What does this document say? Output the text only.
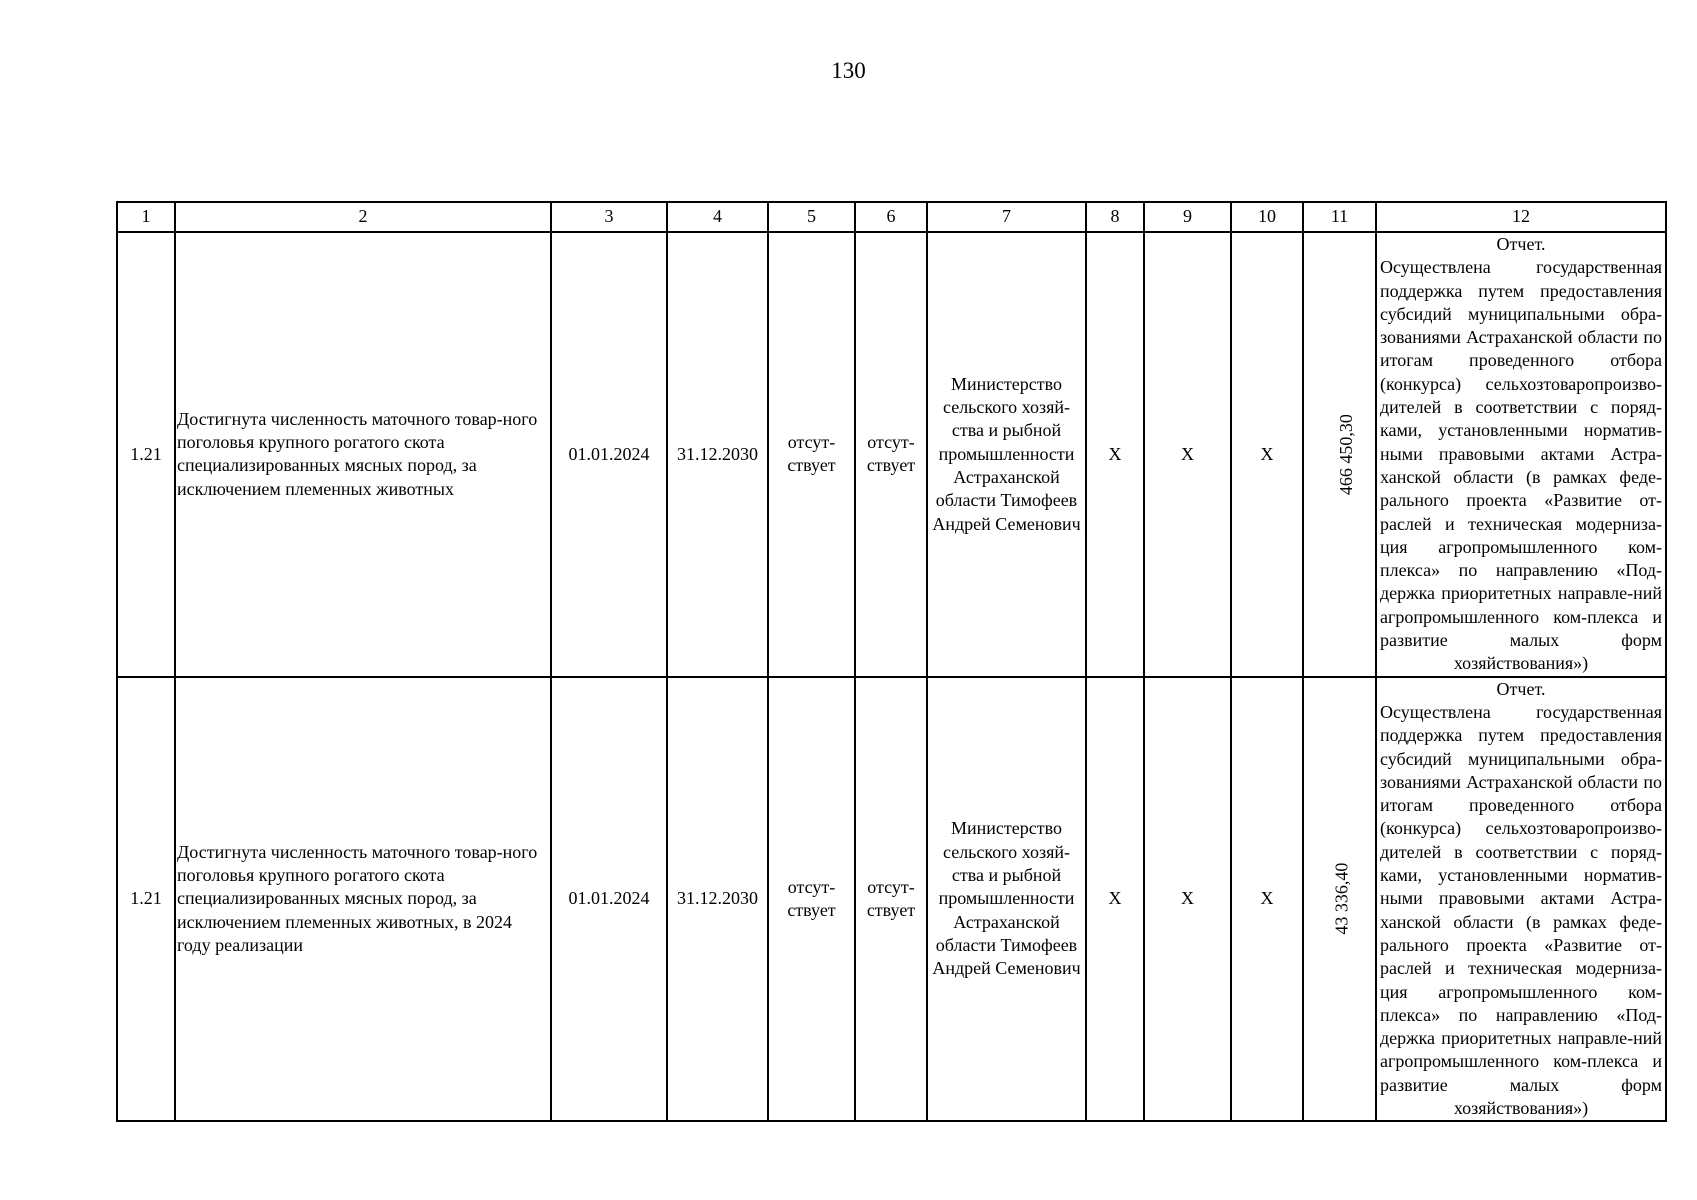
130
1	2	3	4	5	6	7	8	9	10	11	12
1.21	Достигнута численность маточного товар-ного поголовья крупного рогатого скота специализированных мясных пород, за исключением племенных животных	01.01.2024	31.12.2030	отсут-ствует	отсут-ствует	Министерство сельского хозяй-ства и рыбной промышленности Астраханской области Тимофеев Андрей Семенович	X	X	X	466 450,30	Отчет.
Осуществлена государственная поддержка путем предоставления субсидий муниципальными обра-зованиями Астраханской области по итогам проведенного отбора (конкурса) сельхозтоваропроизво-дителей в соответствии с поряд-ками, установленными норматив-ными правовыми актами Астра-ханской области (в рамках феде-рального проекта «Развитие от-раслей и техническая модерниза-ция агропромышленного ком-плекса» по направлению «Под-держка приоритетных направле-ний агропромышленного ком-плекса и развитие малых форм хозяйствования»)
1.21	Достигнута численность маточного товар-ного поголовья крупного рогатого скота специализированных мясных пород, за исключением племенных животных, в 2024 году реализации	01.01.2024	31.12.2030	отсут-ствует	отсут-ствует	Министерство сельского хозяй-ства и рыбной промышленности Астраханской области Тимофеев Андрей Семенович	X	X	X	43 336,40	Отчет.
Осуществлена государственная поддержка путем предоставления субсидий муниципальными обра-зованиями Астраханской области по итогам проведенного отбора (конкурса) сельхозтоваропроизво-дителей в соответствии с поряд-ками, установленными норматив-ными правовыми актами Астра-ханской области (в рамках феде-рального проекта «Развитие от-раслей и техническая модерниза-ция агропромышленного ком-плекса» по направлению «Под-держка приоритетных направле-ний агропромышленного ком-плекса и развитие малых форм хозяйствования»)
